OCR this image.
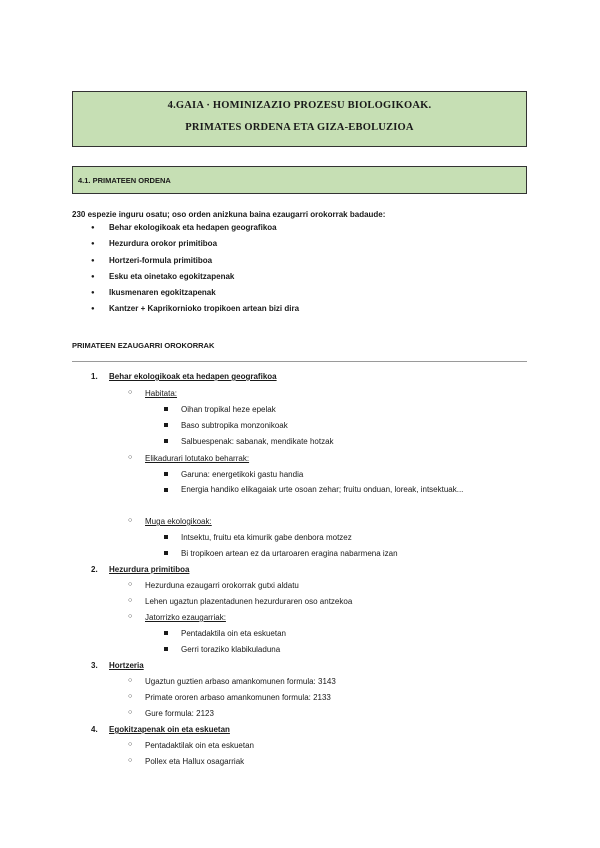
4.GAIA · HOMINIZAZIO PROZESU BIOLOGIKOAK.
PRIMATES ORDENA ETA GIZA-EBOLUZIOA
4.1. PRIMATEEN ORDENA
230 espezie inguru osatu; oso orden anizkuna baina ezaugarri orokorrak badaude:
● Behar ekologikoak eta hedapen geografikoa
● Hezurdura orokor primitiboa
● Hortzeri-formula primitiboa
● Esku eta oinetako egokitzapenak
● Ikusmenaren egokitzapenak
● Kantzer + Kaprikornioko tropikoen artean bizi dira
PRIMATEEN EZAUGARRI OROKORRAK
1. Behar ekologikoak eta hedapen geografikoa
○ Habitata:
Oihan tropikal heze epelak
Baso subtropika monzonikoak
Salbuespenak: sabanak, mendikate hotzak
○ Elikadurari lotutako beharrak:
Garuna: energetikoki gastu handia
Energia handiko elikagaiak urte osoan zehar; fruitu onduan, loreak, intsektuak...
○ Muga ekologikoak:
Intsektu, fruitu eta kimurik gabe denbora motzez
Bi tropikoen artean ez da urtaroaren eragina nabarmena izan
2. Hezurdura primitiboa
○ Hezurduna ezaugarri orokorrak gutxi aldatu
○ Lehen ugaztun plazentadunen hezurduraren oso antzekoa
○ Jatorrizko ezaugarriak:
Pentadaktila oin eta eskuetan
Gerri toraziko klabikuladuna
3. Hortzeria
○ Ugaztun guztien arbaso amankomunen formula: 3143
○ Primate ororen arbaso amankomunen formula: 2133
○ Gure formula: 2123
4. Egokitzapenak oin eta eskuetan
○ Pentadaktilak oin eta eskuetan
○ Pollex eta Hallux osagarriak
